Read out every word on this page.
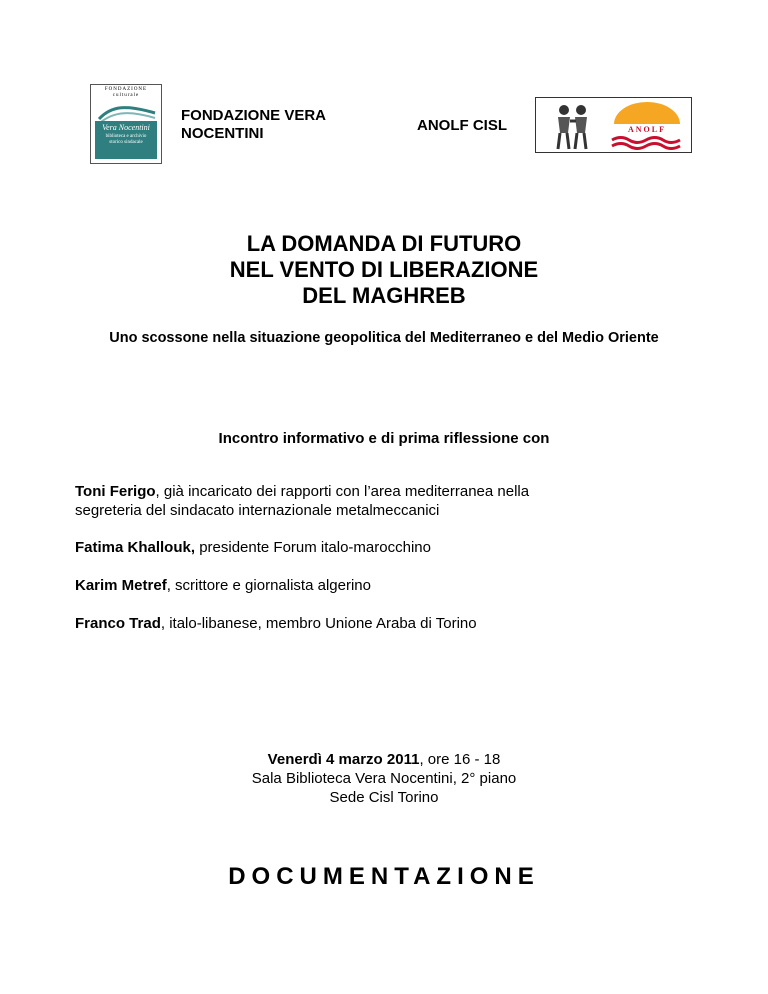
FONDAZIONE culturale
Vera Nocentini
biblioteca e archivio
storico sindacale
FONDAZIONE VERA
NOCENTINI	ANOLF CISL	ANOLF
LA DOMANDA DI FUTURO
NEL VENTO DI LIBERAZIONE
DEL MAGHREB
Uno scossone nella situazione geopolitica del Mediterraneo e del Medio Oriente
Incontro informativo e di prima riflessione con
Toni Ferigo, già incaricato dei rapporti con l’area mediterranea nella
segreteria del sindacato internazionale metalmeccanici
Fatima Khallouk, presidente Forum italo-marocchino
Karim Metref, scrittore e giornalista algerino
Franco Trad, italo-libanese, membro Unione Araba di Torino
Venerdì 4 marzo 2011, ore 16 - 18
Sala Biblioteca Vera Nocentini, 2° piano
Sede Cisl Torino
DOCUMENTAZIONE
